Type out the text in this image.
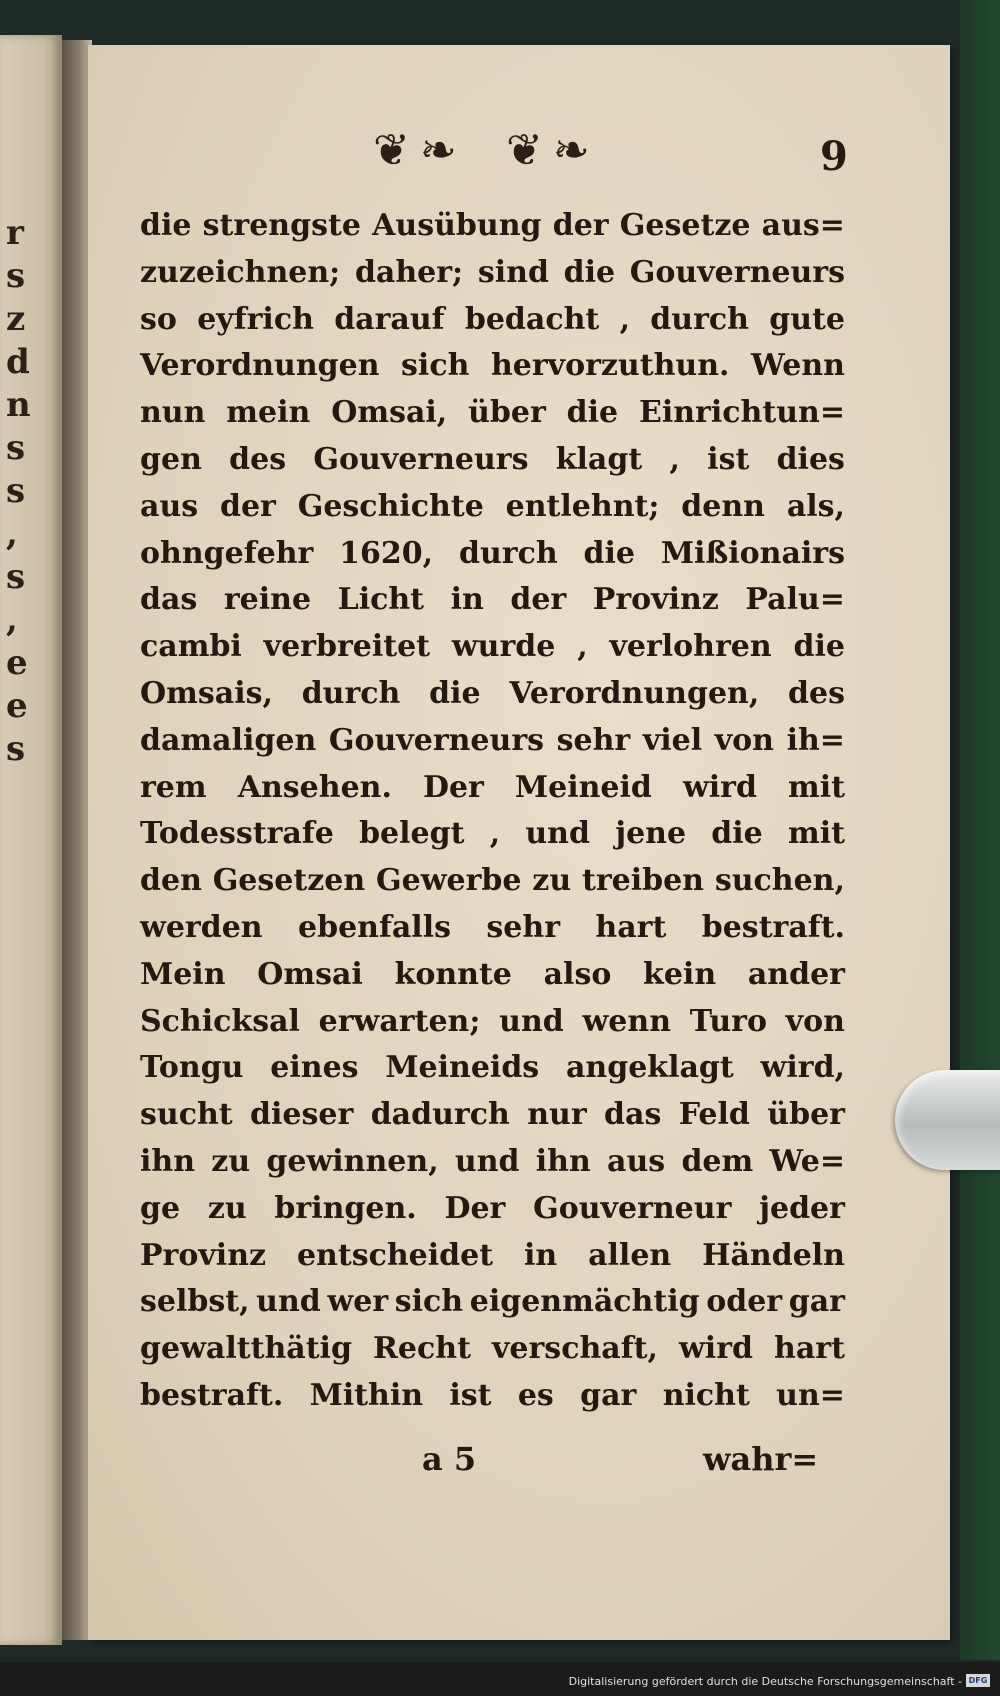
r
s
z
d
n
s
s
,
s
,
e
e
s
❦ ❧ ❦ ❧	9
die strengste Ausübung der Gesetze aus=
zuzeichnen; daher; sind die Gouverneurs
so eyfrich darauf bedacht , durch gute
Verordnungen sich hervorzuthun. Wenn
nun mein Omsai, über die Einrichtun=
gen des Gouverneurs klagt , ist dies
aus der Geschichte entlehnt; denn als,
ohngefehr 1620, durch die Mißionairs
das reine Licht in der Provinz Palu=
cambi verbreitet wurde , verlohren die
Omsais, durch die Verordnungen, des
damaligen Gouverneurs sehr viel von ih=
rem Ansehen. Der Meineid wird mit
Todesstrafe belegt , und jene die mit
den Gesetzen Gewerbe zu treiben suchen,
werden ebenfalls sehr hart bestraft.
Mein Omsai konnte also kein ander
Schicksal erwarten; und wenn Turo von
Tongu eines Meineids angeklagt wird,
sucht dieser dadurch nur das Feld über
ihn zu gewinnen, und ihn aus dem We=
ge zu bringen. Der Gouverneur jeder
Provinz entscheidet in allen Händeln
selbst, und wer sich eigenmächtig oder gar
gewaltthätig Recht verschaft, wird hart
bestraft. Mithin ist es gar nicht un=
a 5	wahr=
Digitalisierung gefördert durch die Deutsche Forschungsgemeinschaft - DFG
